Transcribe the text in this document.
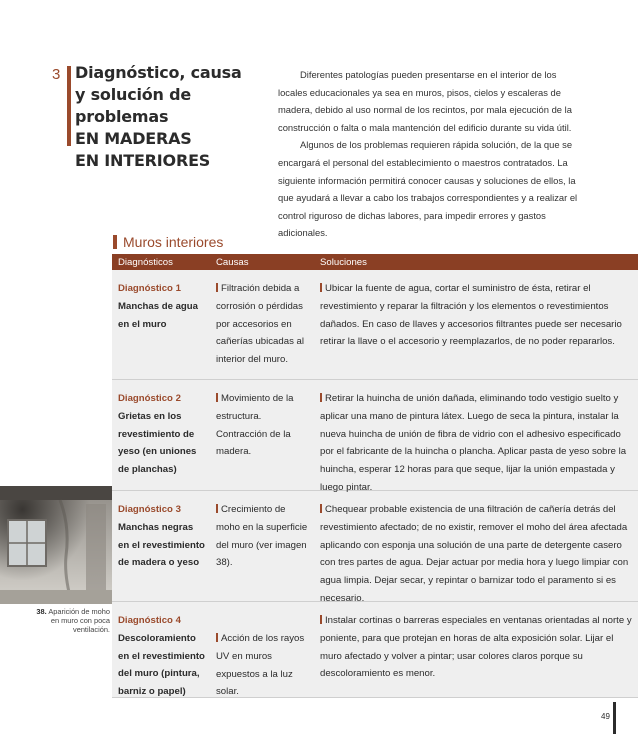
3 Diagnóstico, causa
y solución de problemas
EN MADERAS
EN INTERIORES

Diferentes patologías pueden presentarse en el interior de los locales educacionales ya sea en muros, pisos, cielos y escaleras de madera, debido al uso normal de los recintos, por mala ejecución de la construcción o falta o mala mantención del edificio durante su vida útil.

Algunos de los problemas requieren rápida solución, de la que se encargará el personal del establecimiento o maestros contratados. La siguiente información permitirá conocer causas y soluciones de ellos, la que ayudará a llevar a cabo los trabajos correspondientes y a realizar el control riguroso de dichas labores, para impedir errores y gastos adicionales.

Muros interiores
Diagnósticos	Causas	Soluciones
Diagnóstico 1
Manchas de agua en el muro
Filtración debida a corrosión o pérdidas por accesorios en cañerías ubicadas al interior del muro.
Ubicar la fuente de agua, cortar el suministro de ésta, retirar el revestimiento y reparar la filtración y los elementos o revestimientos dañados. En caso de llaves y accesorios filtrantes puede ser necesario retirar la llave o el accesorio y reemplazarlos, de no poder repararlos.
Diagnóstico 2
Grietas en los revestimiento de yeso (en uniones de planchas)
Movimiento de la estructura. Contracción de la madera.
Retirar la huincha de unión dañada, eliminando todo vestigio suelto y aplicar una mano de pintura látex. Luego de seca la pintura, instalar la nueva huincha de unión de fibra de vidrio con el adhesivo especificado por el fabricante de la huincha o plancha. Aplicar pasta de yeso sobre la huincha, esperar 12 horas para que seque, lijar la unión empastada y luego pintar.
Diagnóstico 3
Manchas negras en el revestimiento de madera o yeso
Crecimiento de moho en la superficie del muro (ver imagen 38).
Chequear probable existencia de una filtración de cañería detrás del revestimiento afectado; de no existir, remover el moho del área afectada aplicando con esponja una solución de una parte de detergente casero con tres partes de agua. Dejar actuar por media hora y luego limpiar con agua limpia. Dejar secar, y repintar o barnizar todo el paramento si es necesario.
Diagnóstico 4
Descoloramiento en el revestimiento del muro (pintura, barniz o papel)
Acción de los rayos UV en muros expuestos a la luz solar.
Instalar cortinas o barreras especiales en ventanas orientadas al norte y poniente, para que protejan en horas de alta exposición solar. Lijar el muro afectado y volver a pintar; usar colores claros porque su descoloramiento es menor.
38. Aparición de moho en muro con poca ventilación.
49
